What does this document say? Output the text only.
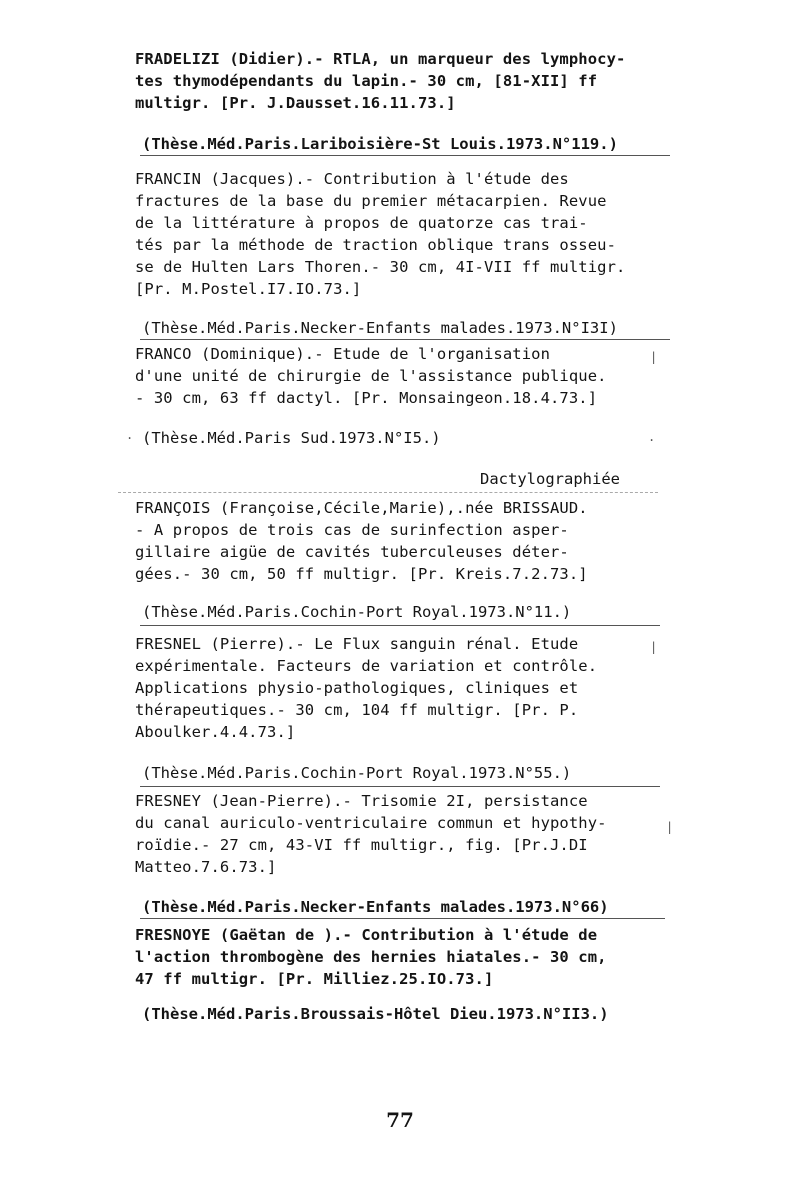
FRADELIZI (Didier).- RTLA, un marqueur des lymphocy-
tes thymodépendants du lapin.- 30 cm, [81-XII] ff
multigr. [Pr. J.Dausset.16.11.73.]
(Thèse.Méd.Paris.Lariboisière-St Louis.1973.N°119.)
FRANCIN (Jacques).- Contribution à l'étude des
fractures de la base du premier métacarpien. Revue
de la littérature à propos de quatorze cas trai-
tés par la méthode de traction oblique trans osseu-
se de Hulten Lars Thoren.- 30 cm, 4I-VII ff multigr.
[Pr. M.Postel.I7.IO.73.]
(Thèse.Méd.Paris.Necker-Enfants malades.1973.N°I3I)
FRANCO (Dominique).- Etude de l'organisation
d'une unité de chirurgie de l'assistance publique.
- 30 cm, 63 ff dactyl. [Pr. Monsaingeon.18.4.73.]
(Thèse.Méd.Paris Sud.1973.N°I5.)
Dactylographiée
FRANÇOIS (Françoise,Cécile,Marie),.née BRISSAUD.
- A propos de trois cas de surinfection asper-
gillaire aigüe de cavités tuberculeuses déter-
gées.- 30 cm, 50 ff multigr. [Pr. Kreis.7.2.73.]
(Thèse.Méd.Paris.Cochin-Port Royal.1973.N°11.)
FRESNEL (Pierre).- Le Flux sanguin rénal. Etude
expérimentale. Facteurs de variation et contrôle.
Applications physio-pathologiques, cliniques et
thérapeutiques.- 30 cm, 104 ff multigr. [Pr. P.
Aboulker.4.4.73.]
(Thèse.Méd.Paris.Cochin-Port Royal.1973.N°55.)
FRESNEY (Jean-Pierre).- Trisomie 2I, persistance
du canal auriculo-ventriculaire commun et hypothy-
roïdie.- 27 cm, 43-VI ff multigr., fig. [Pr.J.DI
Matteo.7.6.73.]
(Thèse.Méd.Paris.Necker-Enfants malades.1973.N°66)
FRESNOYE (Gaëtan de ).- Contribution à l'étude de
l'action thrombogène des hernies hiatales.- 30 cm,
47 ff multigr. [Pr. Milliez.25.IO.73.]
(Thèse.Méd.Paris.Broussais-Hôtel Dieu.1973.N°II3.)
|
.
.
|
|
77
